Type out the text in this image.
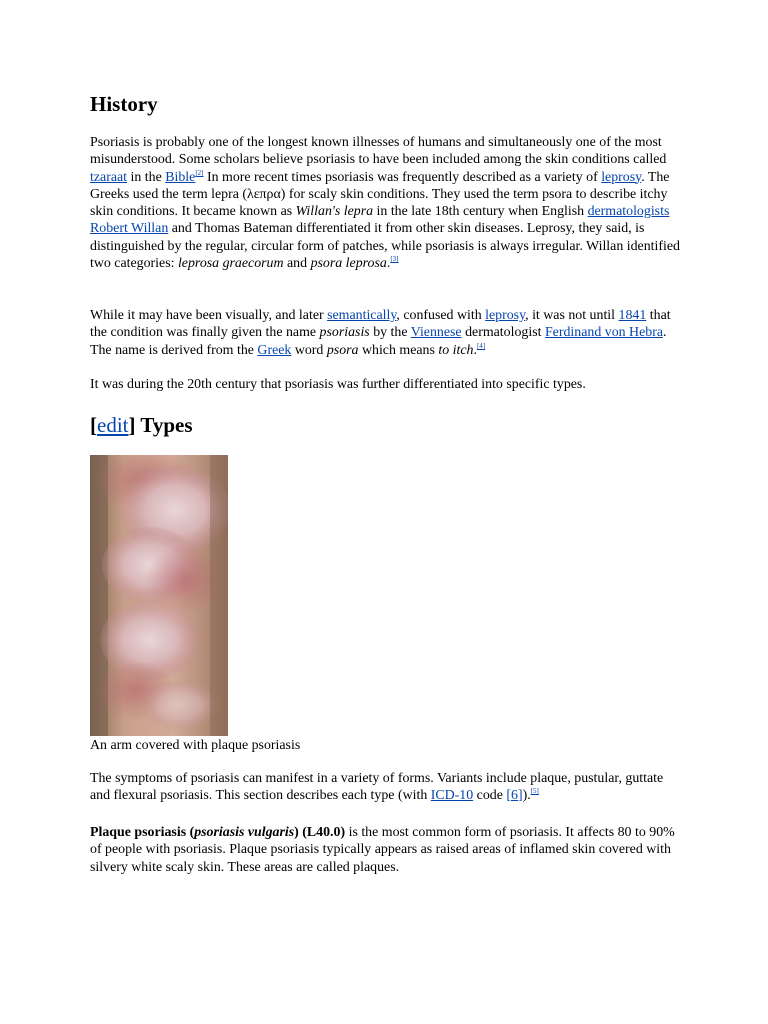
History

Psoriasis is probably one of the longest known illnesses of humans and simultaneously one of the most misunderstood. Some scholars believe psoriasis to have been included among the skin conditions called tzaraat in the Bible[2] In more recent times psoriasis was frequently described as a variety of leprosy. The Greeks used the term lepra (λεπρα) for scaly skin conditions. They used the term psora to describe itchy skin conditions. It became known as Willan's lepra in the late 18th century when English dermatologists Robert Willan and Thomas Bateman differentiated it from other skin diseases. Leprosy, they said, is distinguished by the regular, circular form of patches, while psoriasis is always irregular. Willan identified two categories: leprosa graecorum and psora leprosa.[3]

While it may have been visually, and later semantically, confused with leprosy, it was not until 1841 that the condition was finally given the name psoriasis by the Viennese dermatologist Ferdinand von Hebra. The name is derived from the Greek word psora which means to itch.[4]

It was during the 20th century that psoriasis was further differentiated into specific types.

[edit] Types
An arm covered with plaque psoriasis

The symptoms of psoriasis can manifest in a variety of forms. Variants include plaque, pustular, guttate and flexural psoriasis. This section describes each type (with ICD-10 code [6]).[5]

Plaque psoriasis (psoriasis vulgaris) (L40.0) is the most common form of psoriasis. It affects 80 to 90% of people with psoriasis. Plaque psoriasis typically appears as raised areas of inflamed skin covered with silvery white scaly skin. These areas are called plaques.
